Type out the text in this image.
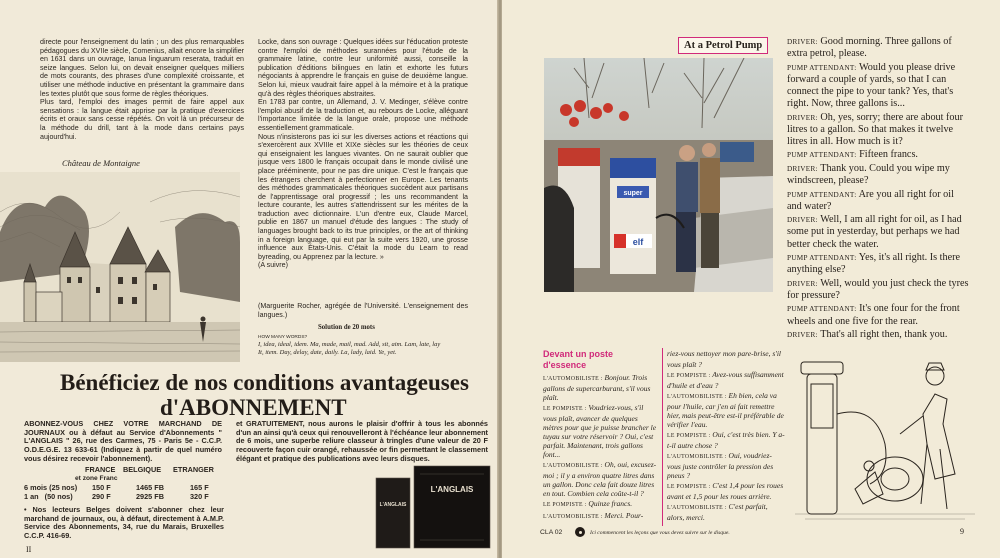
directe pour l'enseignement du latin ; un des plus remarquables pédagogues du XVIIe siècle, Comenius, allait encore la simplifier en 1631 dans un ouvrage, Ianua linguarum reserata, traduit en seize langues. Selon lui, on devait enseigner quelques milliers de mots courants, des phrases d'une complexité croissante, et utiliser une méthode inductive en présentant la grammaire dans les textes plutôt que sous forme de règles théoriques.
Plus tard, l'emploi des images permit de faire appel aux sensations : la langue était apprise par la pratique d'exercices écrits et oraux sans cesse répétés. On voit là un précurseur de la méthode du drill, tant à la mode dans certains pays aujourd'hui.
Château de Montaigne
Locke, dans son ouvrage : Quelques idées sur l'éducation proteste contre l'emploi de méthodes surannées pour l'étude de la grammaire latine, contre leur uniformité aussi, conseille la publication d'éditions bilingues en latin et exhorte les futurs négociants à apprendre le français en guise de deuxième langue. Selon lui, mieux vaudrait faire appel à la mémoire et à la pratique qu'à des règles théoriques abstraites.
En 1783 par contre, un Allemand, J. V. Medinger, s'élève contre l'emploi abusif de la traduction et, au rebours de Locke, alléguant l'importance limitée de la langue orale, propose une méthode essentiellement grammaticale.
Nous n'insisterons pas ici sur les diverses actions et réactions qui s'exercèrent aux XVIIIe et XIXe siècles sur les théories de ceux qui enseignaient les langues vivantes. On ne saurait oublier que jusque vers 1800 le français occupait dans le monde civilisé une place prééminente, pour ne pas dire unique. C'est le français que les étrangers cherchent à perfectionner en Europe. Les tenants des méthodes grammaticales théoriques succèdent aux partisans de l'apprentissage oral progressif ; les uns recommandent la lecture courante, les autres s'attendrissent sur les mérites de la traduction avec dictionnaire. L'un d'entre eux, Claude Marcel, publie en 1867 un manuel d'étude des langues : The study of languages brought back to its true principles, or the art of thinking in a foreign language, qui eut par la suite vers 1920, une grosse influence aux États-Unis. C'était la mode du Learn to read byreading, ou Apprenez par la lecture. »
(A suivre)
(Marguerite Rocher, agrégée de l'Université. L'enseignement des langues.)
Solution de 20 mots
HOW MANY WORDS?
I, idea, ideal, idem. Ma, made, mail, mad. Add, sit, aim. Lam, late, lay
It, item. Day, delay, date, daily. La, lady, laid. Ye, yet.
Bénéficiez de nos conditions avantageuses
d'ABONNEMENT
ABONNEZ-VOUS CHEZ VOTRE MARCHAND DE JOURNAUX ou à défaut au Service d'Abonnements " L'ANGLAIS " 26, rue des Carmes, 75 - Paris 5e - C.C.P. O.D.E.G.E. 13 633-61 (Indiquez à partir de quel numéro vous désirez recevoir l'abonnement).
FRANCE BELGIQUE ETRANGER
et zone Franc
6 mois (25 nos) 150 F	1465 FB	165 F
1 an   (50 nos)	290 F	2925 FB	320 F
• Nos lecteurs Belges doivent s'abonner chez leur marchand de journaux, ou, à défaut, directement à A.M.P. Service des Abonnements, 34, rue du Marais, Bruxelles C.C.P. 416-69.
et GRATUITEMENT, nous aurons le plaisir d'offrir à tous les abonnés d'un an ainsi qu'à ceux qui renouvelleront à l'échéance leur abonnement de 6 mois, une superbe reliure classeur à tringles d'une valeur de 20 F recouverte façon cuir orangé, rehaussée or fin permettant le classement élégant et pratique des publications avec leurs disques.
L'ANGLAIS
L'ANGLAIS
II
At a Petrol Pump
super
elf
DRIVER: Good morning. Three gallons of extra petrol, please.
PUMP ATTENDANT: Would you please drive forward a couple of yards, so that I can connect the pipe to your tank? Yes, that's right. Now, three gallons is...
DRIVER: Oh, yes, sorry; there are about four litres to a gallon. So that makes it twelve litres in all. How much is it?
PUMP ATTENDANT: Fifteen francs.
DRIVER: Thank you. Could you wipe my windscreen, please?
PUMP ATTENDANT: Are you all right for oil and water?
DRIVER: Well, I am all right for oil, as I had some put in yesterday, but perhaps we had better check the water.
PUMP ATTENDANT: Yes, it's all right. Is there anything else?
DRIVER: Well, would you just check the tyres for pressure?
PUMP ATTENDANT: It's one four for the front wheels and one five for the rear.
DRIVER: That's all right then, thank you.
Devant un poste d'essence
L'AUTOMOBILISTE : Bonjour. Trois gallons de supercarburant, s'il vous plaît.
LE POMPISTE : Voudriez-vous, s'il vous plaît, avancer de quelques mètres pour que je puisse brancher le tuyau sur votre réservoir ? Oui, c'est parfait. Maintenant, trois gallons font...
L'AUTOMOBILISTE : Oh, oui, excusez-moi ; il y a environ quatre litres dans un gallon. Donc cela fait douze litres en tout. Combien cela coûte-t-il ?
LE POMPISTE : Quinze francs.
L'AUTOMOBILISTE : Merci. Pour-
riez-vous nettoyer mon pare-brise, s'il vous plaît ?
LE POMPISTE : Avez-vous suffisamment d'huile et d'eau ?
L'AUTOMOBILISTE : Eh bien, cela va pour l'huile, car j'en ai fait remettre hier, mais peut-être est-il préférable de vérifier l'eau.
LE POMPISTE : Oui, c'est très bien. Y a-t-il autre chose ?
L'AUTOMOBILISTE : Oui, voudriez-vous juste contrôler la pression des pneus ?
LE POMPISTE : C'est 1,4 pour les roues avant et 1,5 pour les roues arrière.
L'AUTOMOBILISTE : C'est parfait, alors, merci.
CLA 02	Ici commencent les leçons que vous devez suivre sur le disque.	9
